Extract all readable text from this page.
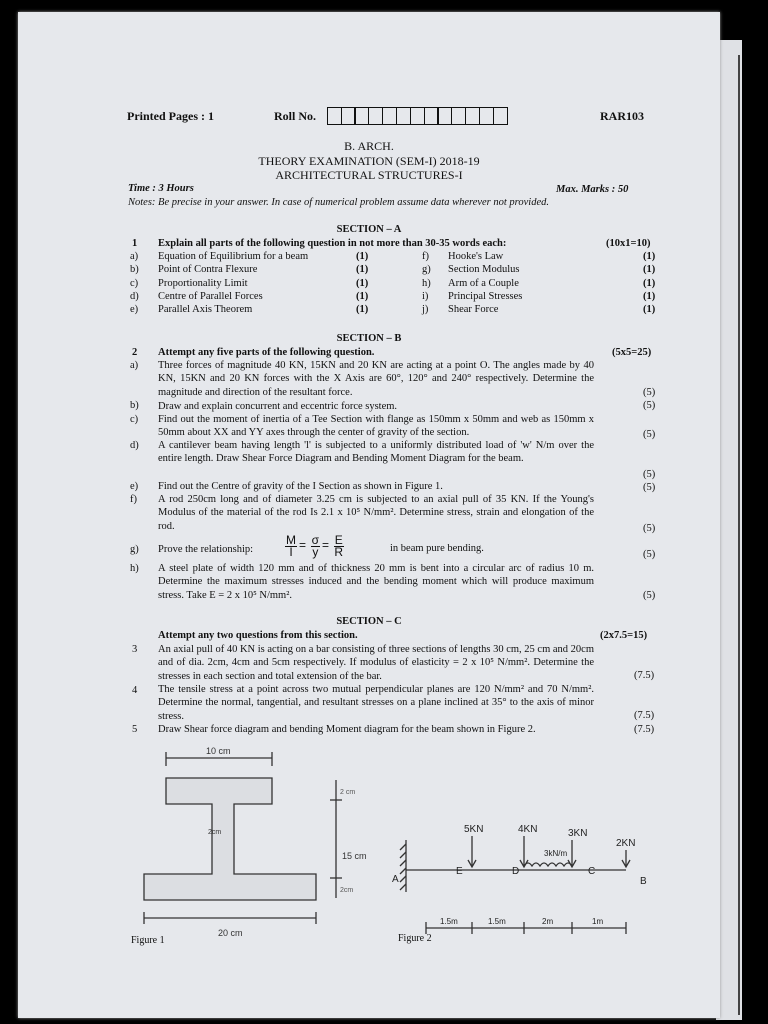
Printed Pages : 1	Roll No.	RAR103
B. ARCH.
THEORY EXAMINATION (SEM-I) 2018-19
ARCHITECTURAL STRUCTURES-I
Time : 3 Hours	Max. Marks : 50
Notes: Be precise in your answer. In case of numerical problem assume data wherever not provided.
SECTION – A
1 Explain all parts of the following question in not more than 30-35 words each:	(10x1=10)
a) Equation of Equilibrium for a beam	(1)
b) Point of Contra Flexure	(1)
c) Proportionality Limit	(1)
d) Centre of Parallel Forces	(1)
e) Parallel Axis Theorem	(1)
f) Hooke's Law	(1)
g) Section Modulus	(1)
h) Arm of a Couple	(1)
i) Principal Stresses	(1)
j) Shear Force	(1)
SECTION – B
2 Attempt any five parts of the following question.	(5x5=25)
a) Three forces of magnitude 40 KN, 15KN and 20 KN are acting at a point O. The angles made by 40 KN, 15KN and 20 KN forces with the X Axis are 60°, 120° and 240° respectively. Determine the magnitude and direction of the resultant force.	(5)
b) Draw and explain concurrent and eccentric force system.	(5)
c) Find out the moment of inertia of a Tee Section with flange as 150mm x 50mm and web as 150mm x 50mm about XX and YY axes through the center of gravity of the section.	(5)
d) A cantilever beam having length 'l' is subjected to a uniformly distributed load of 'w' N/m over the entire length. Draw Shear Force Diagram and Bending Moment Diagram for the beam.
(5)
e) Find out the Centre of gravity of the I Section as shown in Figure 1.	(5)
f) A rod 250cm long and of diameter 3.25 cm is subjected to an axial pull of 35 KN. If the Young's Modulus of the material of the rod Is 2.1 x 10⁵ N/mm². Determine stress, strain and elongation of the rod.	(5)
g) Prove the relationship:	$\frac{M}{I} = \frac{\sigma}{y} = \frac{E}{R}$	in beam pure bending.
(5)
h) A steel plate of width 120 mm and of thickness 20 mm is bent into a circular arc of radius 10 m. Determine the maximum stresses induced and the bending moment which will produce maximum stress. Take E = 2 x 10⁵ N/mm².	(5)
SECTION – C
Attempt any two questions from this section.	(2x7.5=15)
3 An axial pull of 40 KN is acting on a bar consisting of three sections of lengths 30 cm, 25 cm and 20cm and of dia. 2cm, 4cm and 5cm respectively. If modulus of elasticity = 2 x 10⁵ N/mm². Determine the stresses in each section and total extension of the bar.	(7.5)
4 The tensile stress at a point across two mutual perpendicular planes are 120 N/mm² and 70 N/mm². Determine the normal, tangential, and resultant stresses on a plane inclined at 35° to the axis of minor stress.	(7.5)
5 Draw Shear force diagram and bending Moment diagram for the beam shown in Figure 2.	(7.5)
10 cm
2 cm
15 cm
2cm
2cm
20 cm
Figure 1
5KN	4KN	3KN
2KN
3kN/m
A
E	D	C
B
1.5m	1.5m	2m	1m
Figure 2
